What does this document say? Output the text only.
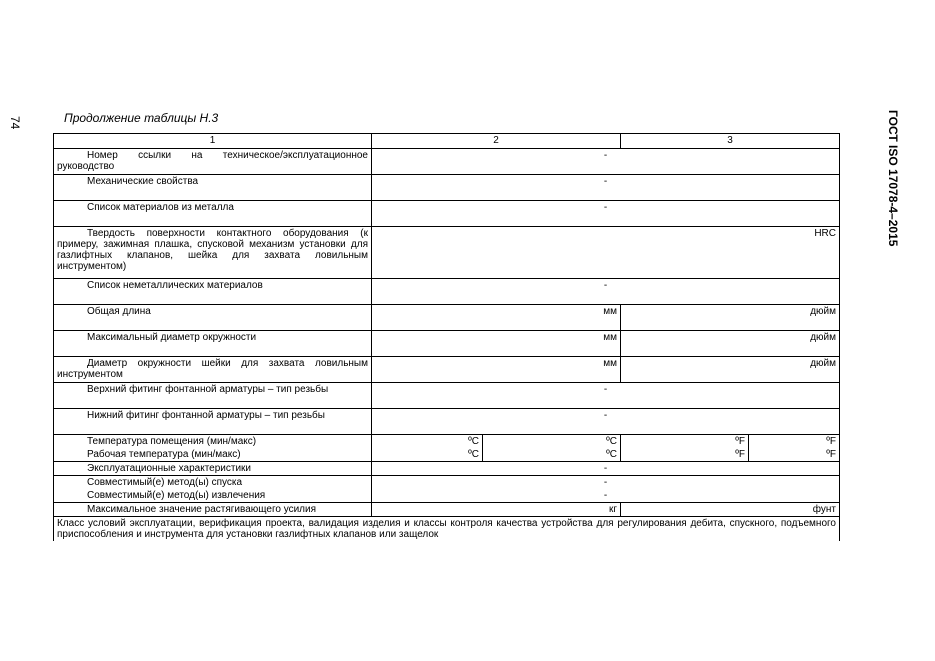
74	ГОСТ ISO 17078-4–2015
Продолжение таблицы Н.3
1	2		3	
Номер ссылки на техническое/эксплуатационное руководство	-			
Механические свойства	-			
Список материалов из металла	-			
Твердость поверхности контактного оборудования (к примеру, зажимная плашка, спусковой механизм установки для газлифтных клапанов, шейка для захвата ловильным инструментом)	HRC			
Список неметаллических материалов	-			
Общая длина	мм		дюйм	
Максимальный диаметр окружности	мм		дюйм	
Диаметр окружности шейки для захвата ловильным инструментом	мм		дюйм	
Верхний фитинг фонтанной арматуры – тип резьбы	-			
Нижний фитинг фонтанной арматуры – тип резьбы	-			
Температура помещения (мин/макс)	ºC	ºC	ºF	ºF
Рабочая температура (мин/макс)	ºC	ºC	ºF	ºF
Эксплуатационные характеристики	-			
Совместимый(е) метод(ы) спуска	-			
Совместимый(е) метод(ы) извлечения	-			
Максимальное значение растягивающего усилия	кг		фунт	
Класс условий эксплуатации, верификация проекта, валидация изделия и классы контроля качества устройства для регулирования дебита, спускного, подъемного приспособления и инструмента для установки газлифтных клапанов или защелок				
